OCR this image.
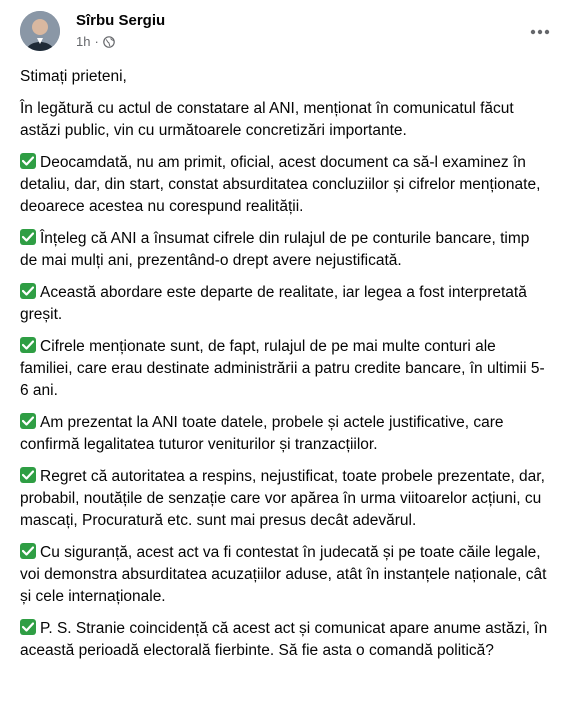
Sîrbu Sergiu
1h ·

Stimați prieteni,

În legătură cu actul de constatare al ANI, menționat în comunicatul făcut astăzi public, vin cu următoarele concretizări importante.

Deocamdată, nu am primit, oficial, acest document ca să-l examinez în detaliu, dar, din start, constat absurditatea concluziilor și cifrelor menționate, deoarece acestea nu corespund realității.

Înțeleg că ANI a însumat cifrele din rulajul de pe conturile bancare, timp de mai mulți ani, prezentând-o drept avere nejustificată.

Această abordare este departe de realitate, iar legea a fost interpretată greșit.

Cifrele menționate sunt, de fapt, rulajul de pe mai multe conturi ale familiei, care erau destinate administrării a patru credite bancare, în ultimii 5-6 ani.

Am prezentat la ANI toate datele, probele și actele justificative, care confirmă legalitatea tuturor veniturilor și tranzacțiilor.

Regret că autoritatea a respins, nejustificat, toate probele prezentate, dar, probabil, noutățile de senzație care vor apărea în urma viitoarelor acțiuni, cu mascați, Procuratură etc. sunt mai presus decât adevărul.

Cu siguranță, acest act va fi contestat în judecată și pe toate căile legale, voi demonstra absurditatea acuzațiilor aduse, atât în instanțele naționale, cât și cele internaționale.

P. S. Stranie coincidență că acest act și comunicat apare anume astăzi, în această perioadă electorală fierbinte. Să fie asta o comandă politică?
